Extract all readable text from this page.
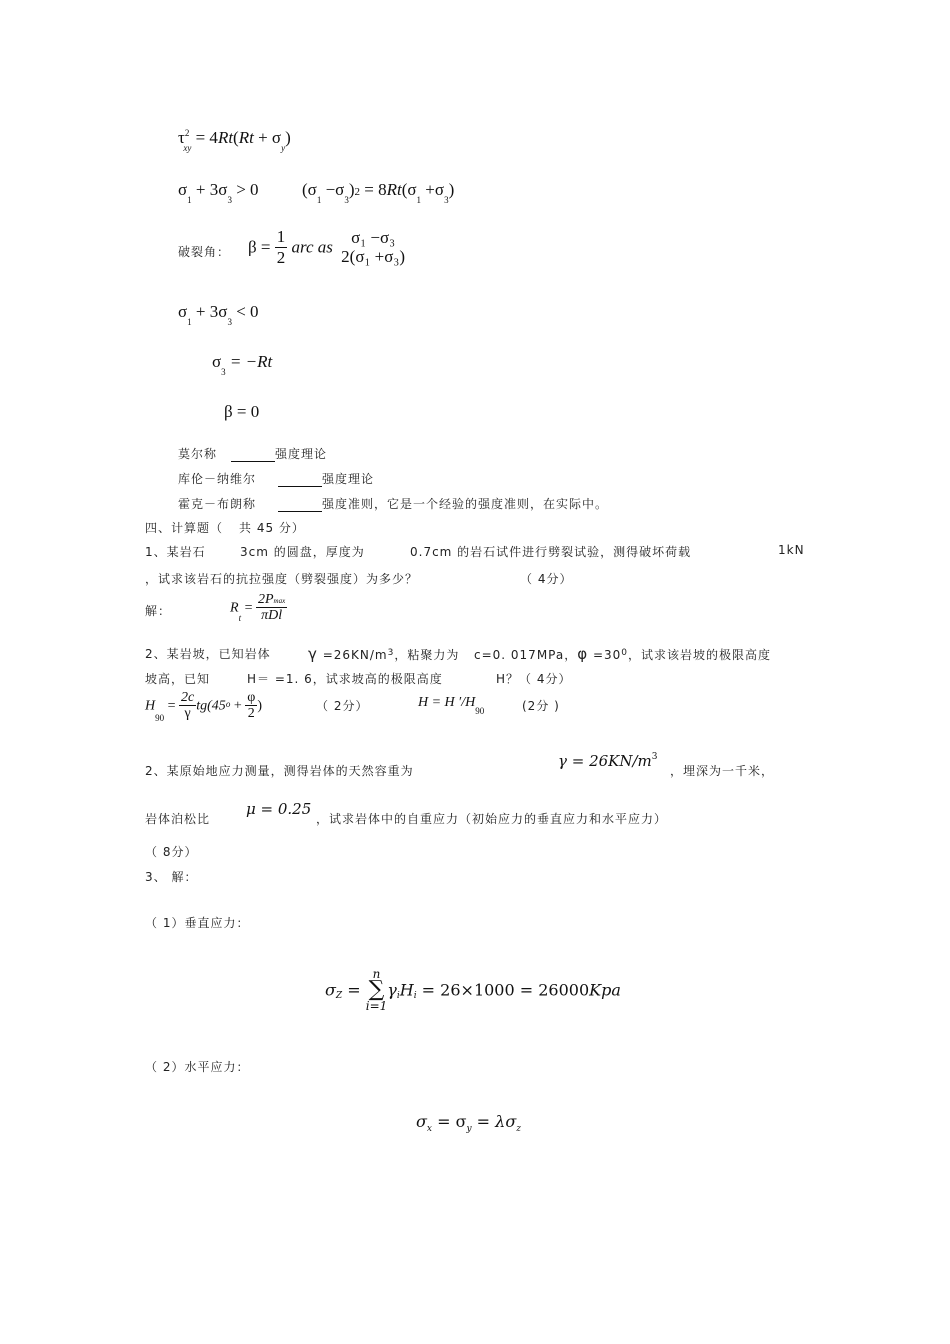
$\tau^2_{xy} = 4Rt(Rt + \sigma_y)$
$\sigma_1 + 3\sigma_3 > 0$	$(\sigma_1 -\sigma_3)2 = 8Rt(\sigma_1 +\sigma_3)$
破裂角： $\beta = \frac{1}{2}$ arc as
σ₁ −σ₃
2(σ₁ +σ₃)
$\sigma_1 + 3\sigma_3 < 0$
$\sigma_3 = -Rt$
β = 0
莫尔称	强度理论
库伦－纳维尔	强度理论
霍克－布朗称	强度准则，它是一个经验的强度准则，在实际中。
四、计算题（ 共 45 分）
1、某岩石	3cm 的圆盘，厚度为	0.7cm 的岩石试件进行劈裂试验，测得破坏荷载	1kN
，试求该岩石的抗拉强度（劈裂强度）为多少？	（ 4分）
解：	$R_t = \frac{2Pmax}{\text{πDl}}$
2、某岩坡，已知岩体 $\gamma =26KN/m^3$，粘聚力为 c=0. 017MPa，$\varphi =30^0$，试求该岩坡的极限高度
坡高，已知	H＝ =1. 6，试求坡高的极限高度	H？（ 4分）
$H_{90} = \frac{2c}{\gamma} tg(45o + \frac{\varphi}{2}$ )	（ 2分）	H = H $'/H_{90}$	(2分 )
2、某原始地应力测量，测得岩体的天然容重为
$\gamma = 26KN/m^3$
，埋深为一千米，
岩体泊松比
μ = 0.25
，试求岩体中的自重应力（初始应力的垂直应力和水平应力）
（ 8分）
3、 解：
（ 1）垂直应力：
$\sigma_Z = n$
∑
$i=1\gamma_iH_i = 26\times 1000 = 26000Kpa$
（ 2）水平应力：
$\sigma_x = \sigma_y = \lambda\sigma_z$
